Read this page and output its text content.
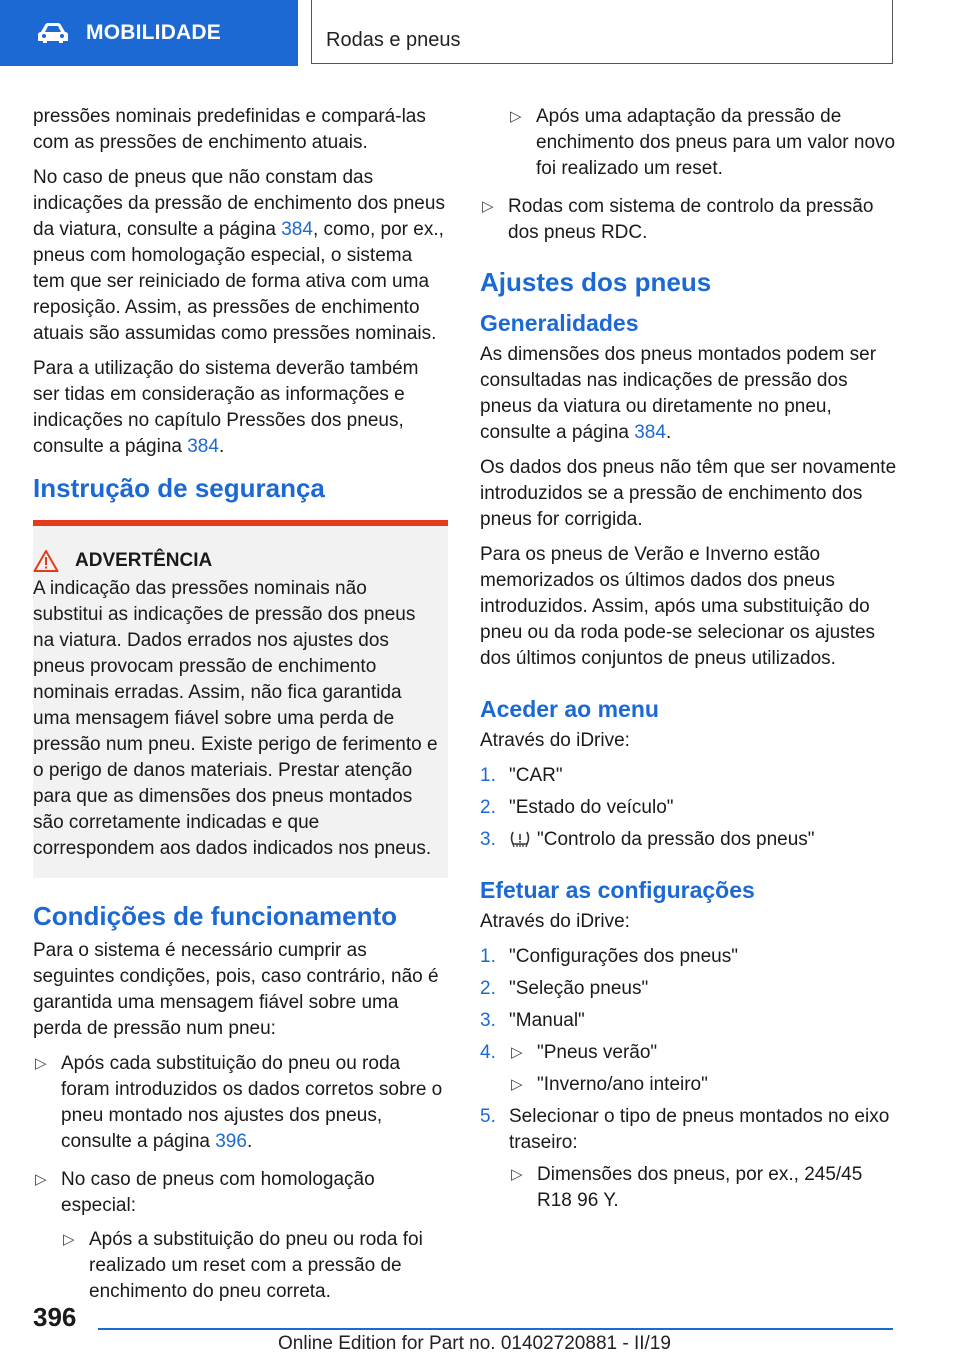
MOBILIDADE	Rodas e pneus

pressões nominais predefinidas e compará-las com as pressões de enchimento atuais.

No caso de pneus que não constam das indicações da pressão de enchimento dos pneus da viatura, consulte a página 384, como, por ex., pneus com homologação especial, o sistema tem que ser reiniciado de forma ativa com uma reposição. Assim, as pressões de enchimento atuais são assumidas como pressões nominais.

Para a utilização do sistema deverão também ser tidas em consideração as informações e indicações no capítulo Pressões dos pneus, consulte a página 384.

Instrução de segurança
ADVERTÊNCIA

A indicação das pressões nominais não substitui as indicações de pressão dos pneus na viatura. Dados errados nos ajustes dos pneus provocam pressão de enchimento nominais erradas. Assim, não fica garantida uma mensagem fiável sobre uma perda de pressão num pneu. Existe perigo de ferimento e o perigo de danos materiais. Prestar atenção para que as dimensões dos pneus montados são corretamente indicadas e que correspondem aos dados indicados nos pneus.

Condições de funcionamento

Para o sistema é necessário cumprir as seguintes condições, pois, caso contrário, não é garantida uma mensagem fiável sobre uma perda de pressão num pneu:

▷ Após cada substituição do pneu ou roda foram introduzidos os dados corretos sobre o pneu montado nos ajustes dos pneus, consulte a página 396.
▷ No caso de pneus com homologação especial:
▷ Após a substituição do pneu ou roda foi realizado um reset com a pressão de enchimento do pneu correta.
▷ Após uma adaptação da pressão de enchimento dos pneus para um valor novo foi realizado um reset.
▷ Rodas com sistema de controlo da pressão dos pneus RDC.
Ajustes dos pneus
Generalidades

As dimensões dos pneus montados podem ser consultadas nas indicações de pressão dos pneus da viatura ou diretamente no pneu, consulte a página 384.

Os dados dos pneus não têm que ser novamente introduzidos se a pressão de enchimento dos pneus for corrigida.

Para os pneus de Verão e Inverno estão memorizados os últimos dados dos pneus introduzidos. Assim, após uma substituição do pneu ou da roda pode-se selecionar os ajustes dos últimos conjuntos de pneus utilizados.

Aceder ao menu

Através do iDrive:

1. "CAR"
2. "Estado do veículo"
3. "Controlo da pressão dos pneus"
Efetuar as configurações

Através do iDrive:

1. "Configurações dos pneus"
2. "Seleção pneus"
3. "Manual"
4.
▷	"Pneus verão"
▷ "Inverno/ano inteiro"
5. Selecionar o tipo de pneus montados no eixo traseiro:
▷ Dimensões dos pneus, por ex., 245/45 R18 96 Y.
396
Online Edition for Part no. 01402720881 - II/19
